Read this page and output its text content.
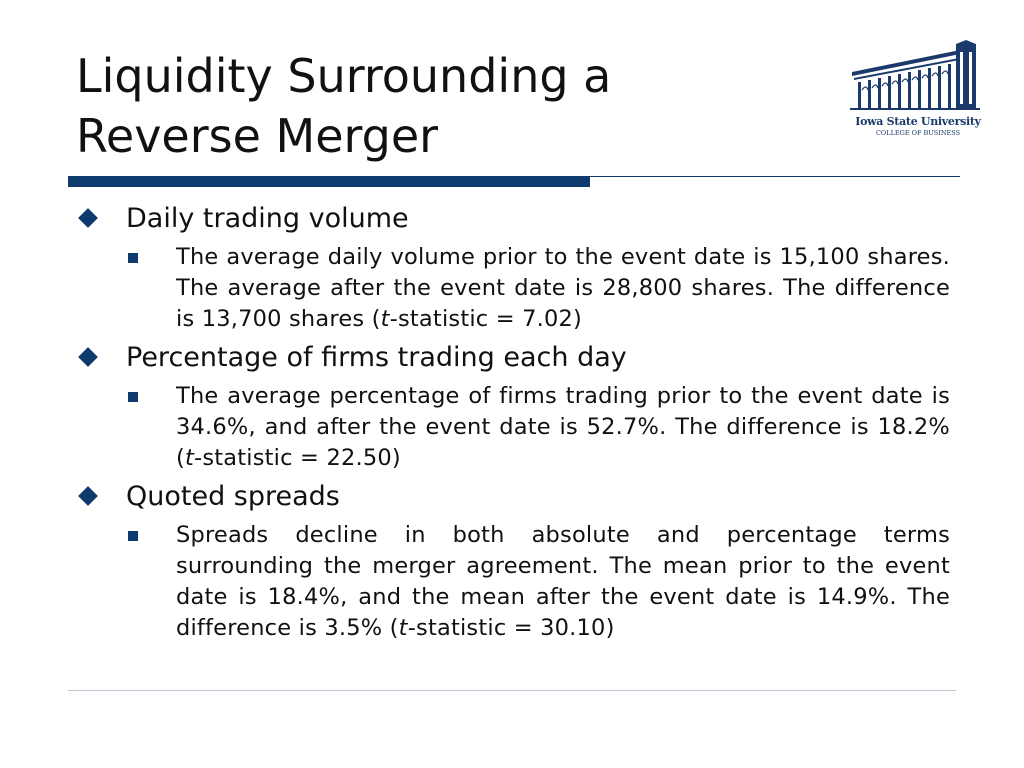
Liquidity Surrounding a
Reverse Merger	Iowa State University
COLLEGE OF BUSINESS
Daily trading volume
The average daily volume prior to the event date is 15,100 shares. The average after the event date is 28,800 shares. The difference is 13,700 shares (t-statistic = 7.02)
Percentage of firms trading each day
The average percentage of firms trading prior to the event date is 34.6%, and after the event date is 52.7%. The difference is 18.2% (t-statistic = 22.50)
Quoted spreads
Spreads decline in both absolute and percentage terms surrounding the merger agreement. The mean prior to the event date is 18.4%, and the mean after the event date is 14.9%. The difference is 3.5% (t-statistic = 30.10)
